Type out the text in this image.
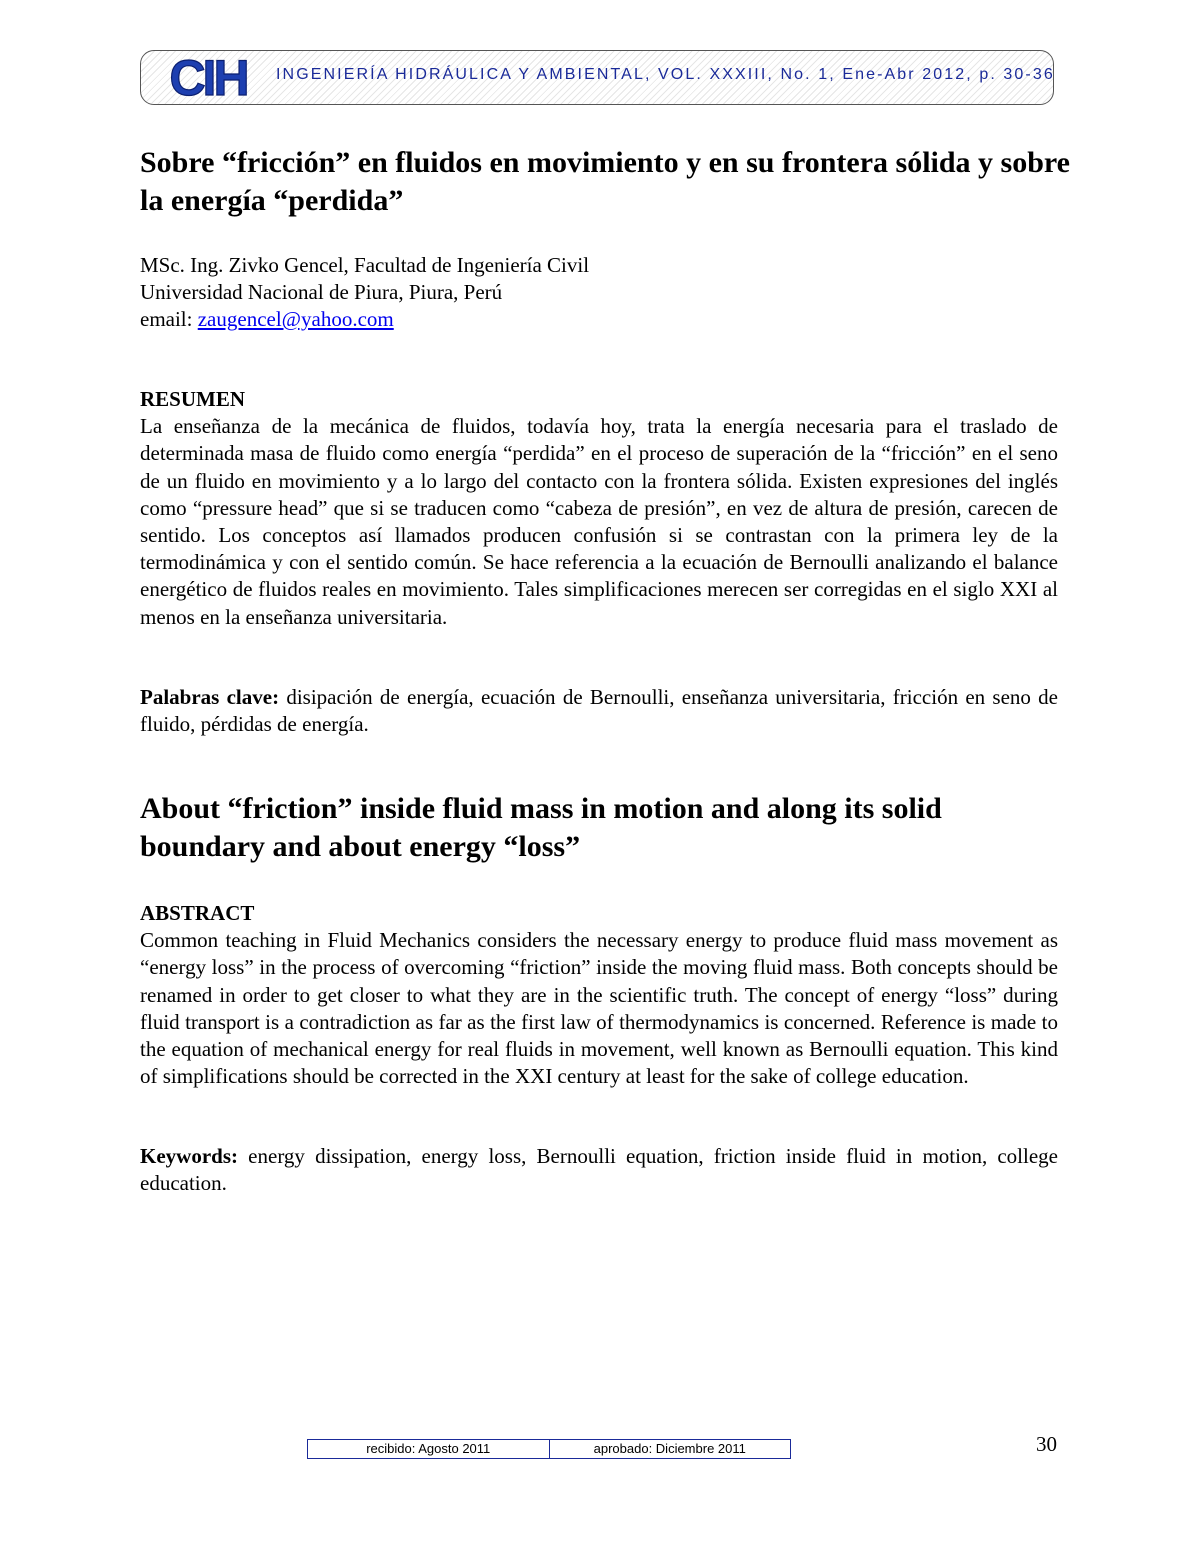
CIH INGENIERÍA HIDRÁULICA Y AMBIENTAL, VOL. XXXIII, No. 1, Ene-Abr 2012, p. 30-36
Sobre “fricción” en fluidos en movimiento y en su frontera sólida y sobre la energía “perdida”
MSc. Ing. Zivko Gencel, Facultad de Ingeniería Civil
Universidad Nacional de Piura, Piura, Perú
email: zaugencel@yahoo.com
RESUMEN
La enseñanza de la mecánica de fluidos, todavía hoy, trata la energía necesaria para el traslado de determinada masa de fluido como energía “perdida” en el proceso de superación de la “fricción” en el seno de un fluido en movimiento y a lo largo del contacto con la frontera sólida. Existen expresiones del inglés como “pressure head” que si se traducen como “cabeza de presión”, en vez de altura de presión, carecen de sentido. Los conceptos así llamados producen confusión si se contrastan con la primera ley de la termodinámica y con el sentido común. Se hace referencia a la ecuación de Bernoulli analizando el balance energético de fluidos reales en movimiento. Tales simplificaciones merecen ser corregidas en el siglo XXI al menos en la enseñanza universitaria.
Palabras clave: disipación de energía, ecuación de Bernoulli, enseñanza universitaria, fricción en seno de fluido, pérdidas de energía.
About “friction” inside fluid mass in motion and along its solid boundary and about energy “loss”
ABSTRACT
Common teaching in Fluid Mechanics considers the necessary energy to produce fluid mass movement as “energy loss” in the process of overcoming “friction” inside the moving fluid mass. Both concepts should be renamed in order to get closer to what they are in the scientific truth. The concept of energy “loss” during fluid transport is a contradiction as far as the first law of thermodynamics is concerned. Reference is made to the equation of mechanical energy for real fluids in movement, well known as Bernoulli equation. This kind of simplifications should be corrected in the XXI century at least for the sake of college education.
Keywords: energy dissipation, energy loss, Bernoulli equation, friction inside fluid in motion, college education.
recibido: Agosto 2011	aprobado: Diciembre 2011	30
